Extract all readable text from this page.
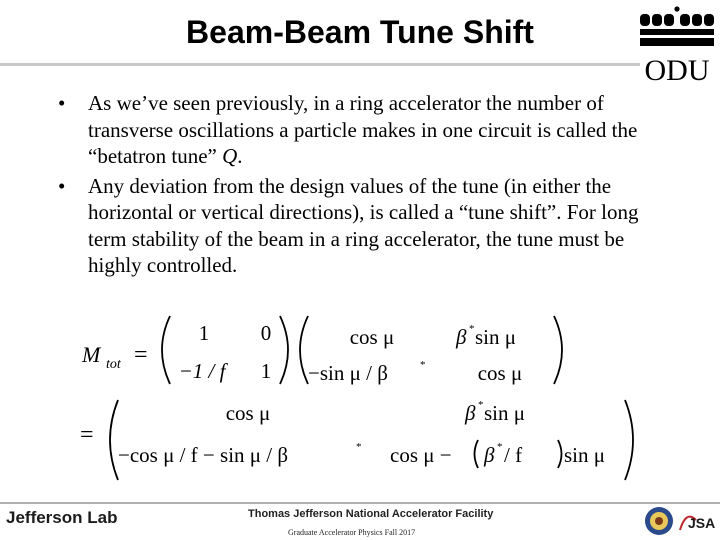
Beam-Beam Tune Shift
ODU
• As we’ve seen previously, in a ring accelerator the number of transverse oscillations a particle makes in one circuit is called the “betatron tune” Q.
• Any deviation from the design values of the tune (in either the horizontal or vertical directions), is called a “tune shift”. For long term stability of the beam in a ring accelerator, the tune must be highly controlled.
M tot =
1 0
−1 / f 1
cos μ	β * sin μ
−sin μ / β	* cos μ
=
cos μ	β * sin μ
−cos μ / f − sin μ / β	* cos μ − β * / f sin μ
Jefferson Lab	Thomas Jefferson National Accelerator Facility
Graduate Accelerator Physics Fall 2017
JSA
